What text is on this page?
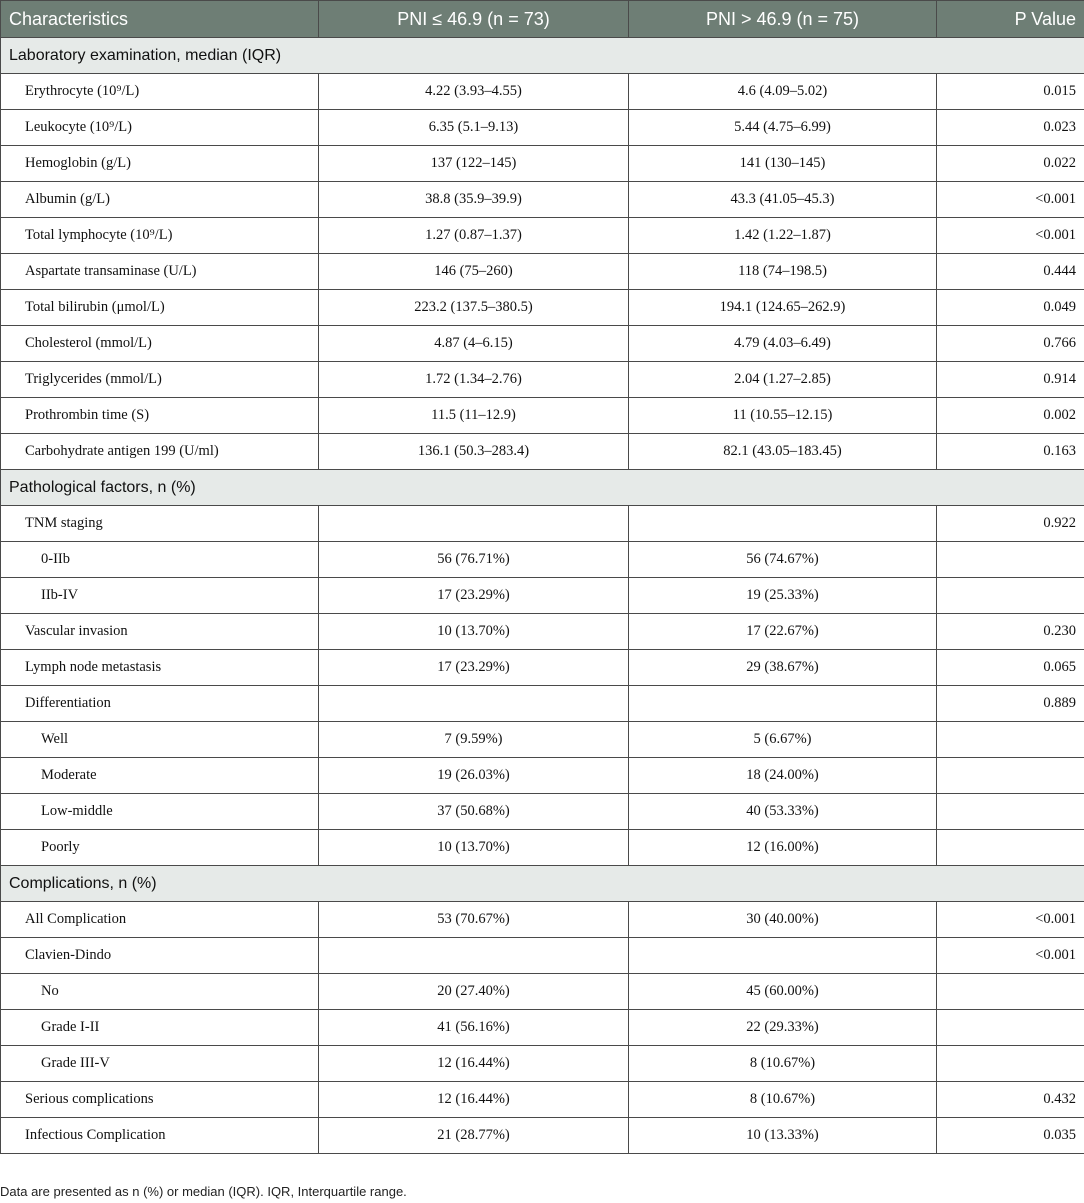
Characteristics	PNI ≤ 46.9 (n = 73)	PNI > 46.9 (n = 75)	P Value
Laboratory examination, median (IQR)			
Erythrocyte (10⁹/L)	4.22 (3.93–4.55)	4.6 (4.09–5.02)	0.015
Leukocyte (10⁹/L)	6.35 (5.1–9.13)	5.44 (4.75–6.99)	0.023
Hemoglobin (g/L)	137 (122–145)	141 (130–145)	0.022
Albumin (g/L)	38.8 (35.9–39.9)	43.3 (41.05–45.3)	<0.001
Total lymphocyte (10⁹/L)	1.27 (0.87–1.37)	1.42 (1.22–1.87)	<0.001
Aspartate transaminase (U/L)	146 (75–260)	118 (74–198.5)	0.444
Total bilirubin (μmol/L)	223.2 (137.5–380.5)	194.1 (124.65–262.9)	0.049
Cholesterol (mmol/L)	4.87 (4–6.15)	4.79 (4.03–6.49)	0.766
Triglycerides (mmol/L)	1.72 (1.34–2.76)	2.04 (1.27–2.85)	0.914
Prothrombin time (S)	11.5 (11–12.9)	11 (10.55–12.15)	0.002
Carbohydrate antigen 199 (U/ml)	136.1 (50.3–283.4)	82.1 (43.05–183.45)	0.163
Pathological factors, n (%)			
TNM staging			0.922
0-IIb	56 (76.71%)	56 (74.67%)	
IIb-IV	17 (23.29%)	19 (25.33%)	
Vascular invasion	10 (13.70%)	17 (22.67%)	0.230
Lymph node metastasis	17 (23.29%)	29 (38.67%)	0.065
Differentiation			0.889
Well	7 (9.59%)	5 (6.67%)	
Moderate	19 (26.03%)	18 (24.00%)	
Low-middle	37 (50.68%)	40 (53.33%)	
Poorly	10 (13.70%)	12 (16.00%)	
Complications, n (%)			
All Complication	53 (70.67%)	30 (40.00%)	<0.001
Clavien-Dindo			<0.001
No	20 (27.40%)	45 (60.00%)	
Grade I-II	41 (56.16%)	22 (29.33%)	
Grade III-V	12 (16.44%)	8 (10.67%)	
Serious complications	12 (16.44%)	8 (10.67%)	0.432
Infectious Complication	21 (28.77%)	10 (13.33%)	0.035
Data are presented as n (%) or median (IQR). IQR, Interquartile range.
